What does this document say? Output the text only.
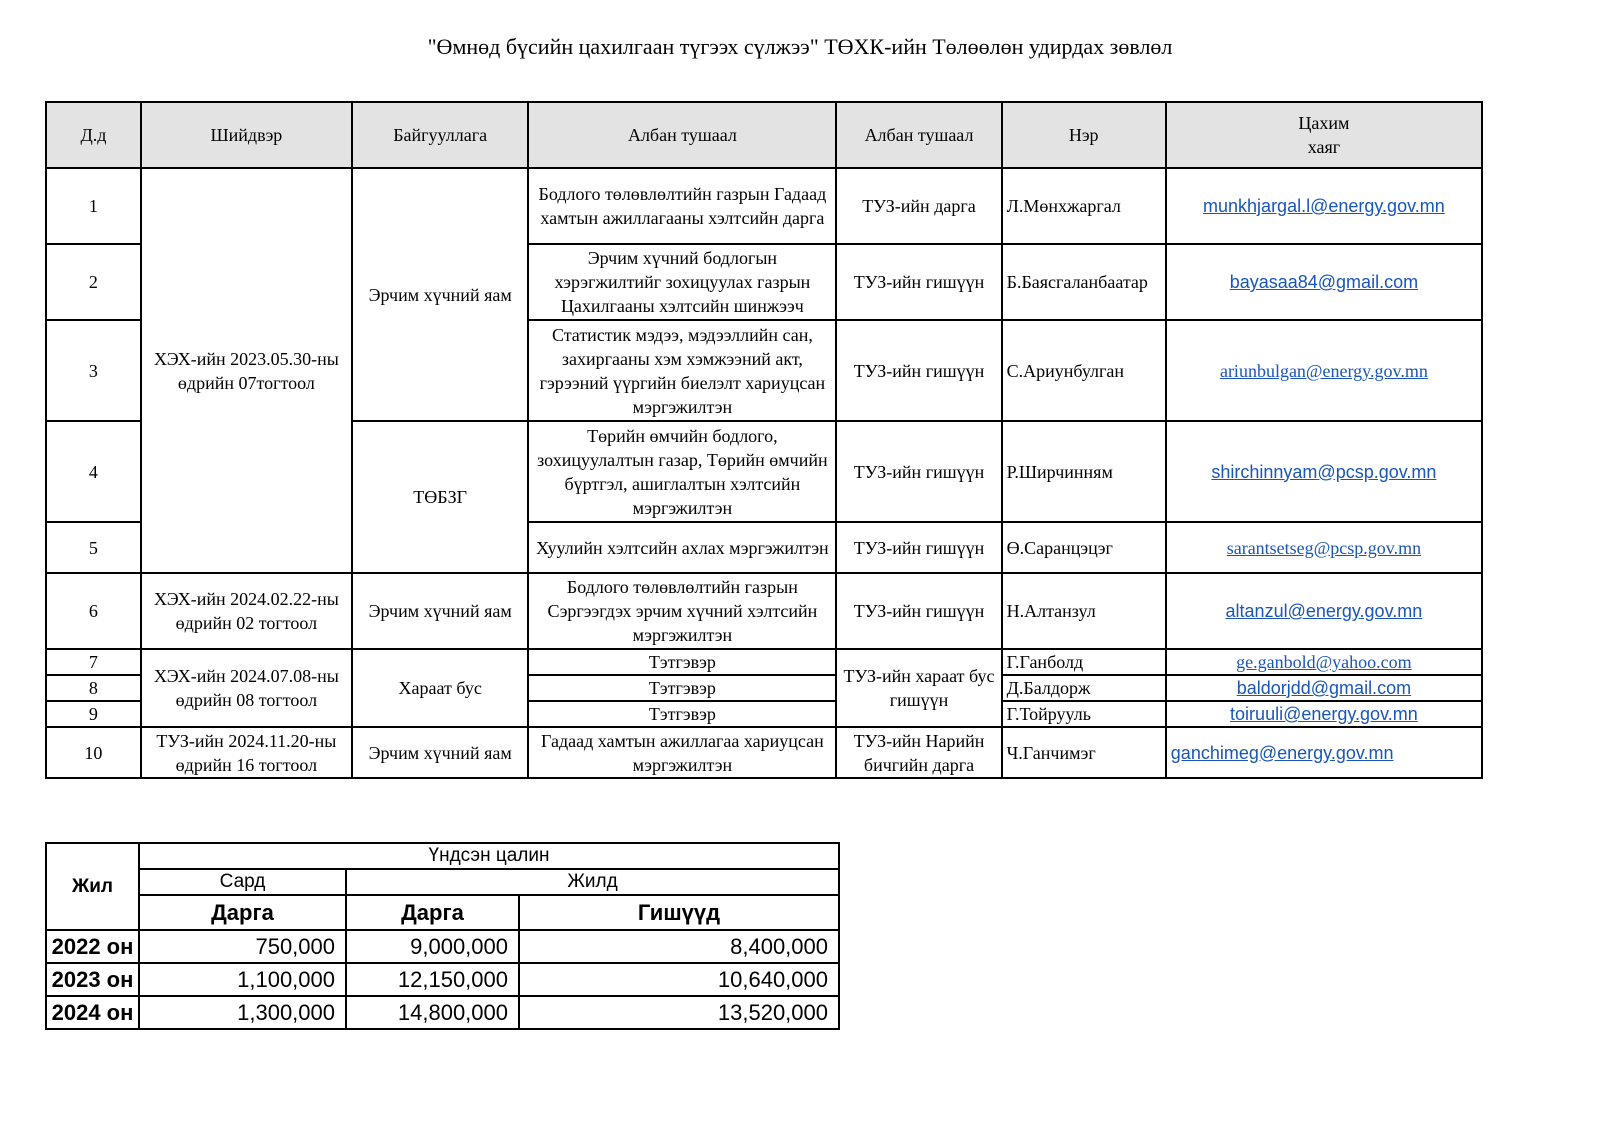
"Өмнөд бүсийн цахилгаан түгээх сүлжээ" ТӨХК-ийн Төлөөлөн удирдах зөвлөл
Д.д	Шийдвэр	Байгууллага	Албан тушаал	Албан тушаал	Нэр	Цахим
хаяг
1	ХЭХ-ийн 2023.05.30-ны өдрийн 07тогтоол	Эрчим хүчний яам	Бодлого төлөвлөлтийн газрын Гадаад хамтын ажиллагааны хэлтсийн дарга	ТУЗ-ийн дарга	Л.Мөнхжаргал	munkhjargal.l@energy.gov.mn
2			Эрчим хүчний бодлогын хэрэгжилтийг зохицуулах газрын Цахилгааны хэлтсийн шинжээч	ТУЗ-ийн гишүүн	Б.Баясгаланбаатар	bayasaa84@gmail.com
3			Статистик мэдээ, мэдээллийн сан, захиргааны хэм хэмжээний акт, гэрээний үүргийн биелэлт хариуцсан мэргэжилтэн	ТУЗ-ийн гишүүн	С.Ариунбулган	ariunbulgan@energy.gov.mn
4		ТӨБЗГ	Төрийн өмчийн бодлого, зохицуулалтын газар, Төрийн өмчийн бүртгэл, ашиглалтын хэлтсийн мэргэжилтэн	ТУЗ-ийн гишүүн	Р.Ширчинням	shirchinnyam@pcsp.gov.mn
5			Хуулийн хэлтсийн ахлах мэргэжилтэн	ТУЗ-ийн гишүүн	Ө.Саранцэцэг	sarantsetseg@pcsp.gov.mn
6	ХЭХ-ийн 2024.02.22-ны өдрийн 02 тогтоол	Эрчим хүчний яам	Бодлого төлөвлөлтийн газрын Сэргээгдэх эрчим хүчний хэлтсийн мэргэжилтэн	ТУЗ-ийн гишүүн	Н.Алтанзул	altanzul@energy.gov.mn
7	ХЭХ-ийн 2024.07.08-ны өдрийн 08 тогтоол	Хараат бус	Тэтгэвэр	ТУЗ-ийн хараат бус гишүүн	Г.Ганболд	ge.ganbold@yahoo.com
8			Тэтгэвэр		Д.Балдорж	baldorjdd@gmail.com
9			Тэтгэвэр		Г.Тойрууль	toiruuli@energy.gov.mn
10	ТУЗ-ийн 2024.11.20-ны өдрийн 16 тогтоол	Эрчим хүчний яам	Гадаад хамтын ажиллагаа хариуцсан мэргэжилтэн	ТУЗ-ийн Нарийн бичгийн дарга	Ч.Ганчимэг	ganchimeg@energy.gov.mn
Жил	Үндсэн цалин		
	Сард	Жилд	
	Дарга	Дарга	Гишүүд
2022 он	750,000	9,000,000	8,400,000
2023 он	1,100,000	12,150,000	10,640,000
2024 он	1,300,000	14,800,000	13,520,000
